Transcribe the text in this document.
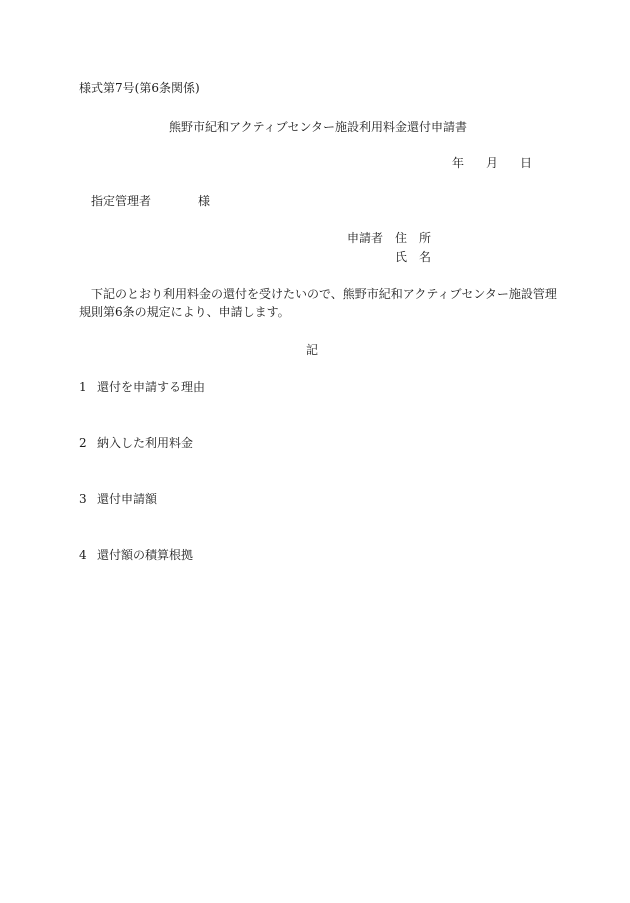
様式第7号(第6条関係)
熊野市紀和アクティブセンター施設利用料金還付申請書
年 月 日
指定管理者	様
申請者 住　所
氏　名
下記のとおり利用料金の還付を受けたいので、熊野市紀和アクティブセンター施設管理
規則第6条の規定により、申請します。
記
1 還付を申請する理由
2 納入した利用料金
3 還付申請額
4 還付額の積算根拠
